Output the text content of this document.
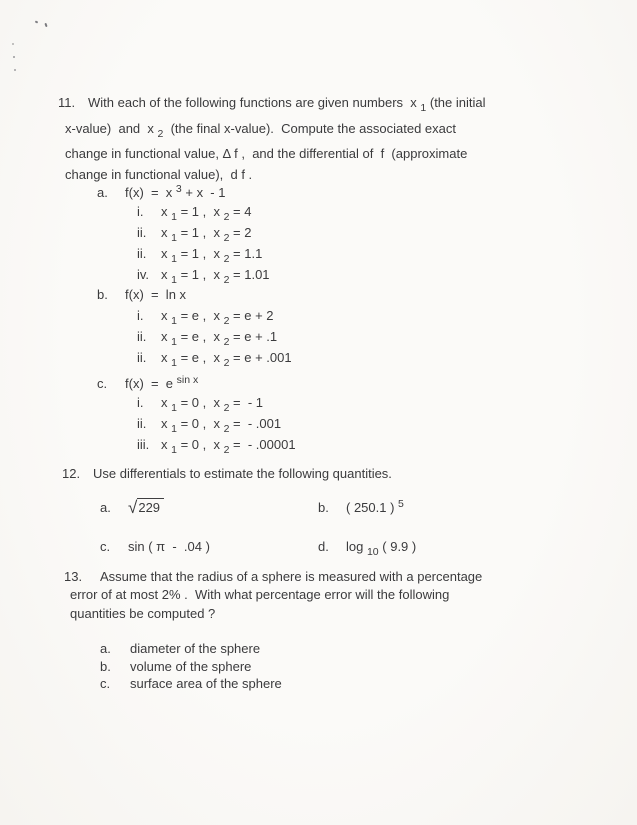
11. With each of the following functions are given numbers  x $_1$ (the initial
x-value)  and  x $_2$  (the final x-value).  Compute the associated exact
change in functional value, Δ f ,  and the differential of  f  (approximate
change in functional value),  d f .
a.	f(x)  =  x $^3$ + x  - 1
i.	x $_1$ = 1 ,  x $_2$ = 4
ii.	x $_1$ = 1 ,  x $_2$ = 2
ii.	x $_1$ = 1 ,  x $_2$ = 1.1
iv. x $_1$ = 1 ,  x $_2$ = 1.01
b.	f(x)  =  ln x
i.	x $_1$ = e ,  x $_2$ = e + 2
ii.	x $_1$ = e ,  x $_2$ = e + .1
ii.	x $_1$ = e ,  x $_2$ = e + .001
c.	f(x)  =  e $^{sin x}$
i.	x $_1$ = 0 ,  x $_2$ =  - 1
ii.	x $_1$ = 0 ,  x $_2$ =  - .001
iii. x $_1$ = 0 ,  x $_2$ =  - .00001
12. Use differentials to estimate the following quantities.
a.	√229	b.	( 250.1 ) $^5$
c.	sin ( π  -  .04 )	d.	log $_{10}$ ( 9.9 )
13. Assume that the radius of a sphere is measured with a percentage
error of at most 2% .  With what percentage error will the following
quantities be computed ?
a.	diameter of the sphere
b.	volume of the sphere
c.	surface area of the sphere
